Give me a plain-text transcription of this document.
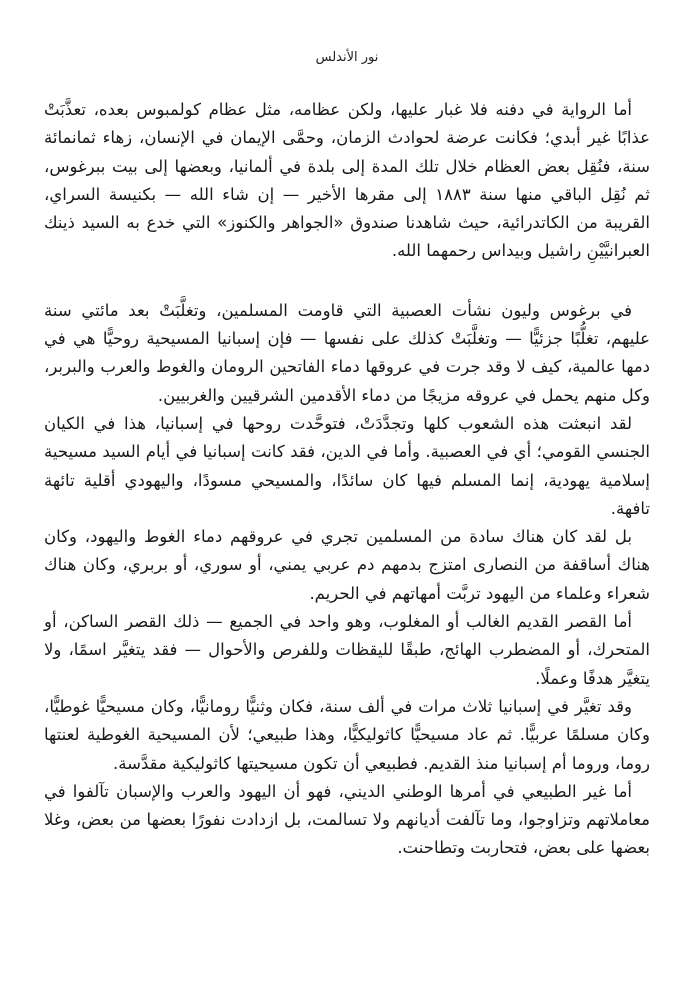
نور الأندلس

أما الرواية في دفنه فلا غبار عليها، ولكن عظامه، مثل عظام كولمبوس بعده، تعذَّبَتْ عذابًا غير أبدي؛ فكانت عرضة لحوادث الزمان، وحمَّى الإيمان في الإنسان، زهاء ثمانمائة سنة، فنُقِل بعض العظام خلال تلك المدة إلى بلدة في ألمانيا، وبعضها إلى بيت ببرغوس، ثم نُقِل الباقي منها سنة ١٨٨٣ إلى مقرها الأخير — إن شاء الله — بكنيسة السراي، القريبة من الكاتدرائية، حيث شاهدنا صندوق «الجواهر والكنوز» التي خدع به السيد ذينك العبرانيَّيْنِ راشيل وبيداس رحمهما الله.

في برغوس وليون نشأت العصبية التي قاومت المسلمين، وتغلَّبَتْ بعد مائتي سنة عليهم، تغلُّبًا جزئيًّا — وتغلَّبَتْ كذلك على نفسها — فإن إسبانيا المسيحية روحيًّا هي في دمها عالمية، كيف لا وقد جرت في عروقها دماء الفاتحين الرومان والغوط والعرب والبربر، وكل منهم يحمل في عروقه مزيجًا من دماء الأقدمين الشرقيين والغربيين.

لقد انبعثت هذه الشعوب كلها وتجدَّدَتْ، فتوحَّدت روحها في إسبانيا، هذا في الكيان الجنسي القومي؛ أي في العصبية. وأما في الدين، فقد كانت إسبانيا في أيام السيد مسيحية إسلامية يهودية، إنما المسلم فيها كان سائدًا، والمسيحي مسودًا، واليهودي أقلية تائهة تافهة.

بل لقد كان هناك سادة من المسلمين تجري في عروقهم دماء الغوط واليهود، وكان هناك أساقفة من النصارى امتزج بدمهم دم عربي يمني، أو سوري، أو بربري، وكان هناك شعراء وعلماء من اليهود تربَّت أمهاتهم في الحريم.

أما القصر القديم الغالب أو المغلوب، وهو واحد في الجميع — ذلك القصر الساكن، أو المتحرك، أو المضطرب الهائج، طبقًا لليقظات وللفرص والأحوال — فقد يتغيَّر اسمًا، ولا يتغيَّر هدفًا وعملًا.

وقد تغيَّر في إسبانيا ثلاث مرات في ألف سنة، فكان وثنيًّا رومانيًّا، وكان مسيحيًّا غوطيًّا، وكان مسلمًا عربيًّا. ثم عاد مسيحيًّا كاثوليكيًّا، وهذا طبيعي؛ لأن المسيحية الغوطية لعنتها روما، وروما أم إسبانيا منذ القديم. فطبيعي أن تكون مسيحيتها كاثوليكية مقدَّسة.

أما غير الطبيعي في أمرها الوطني الديني، فهو أن اليهود والعرب والإسبان تآلفوا في معاملاتهم وتزاوجوا، وما تآلفت أديانهم ولا تسالمت، بل ازدادت نفورًا بعضها من بعض، وغلا بعضها على بعض، فتحاربت وتطاحنت.
